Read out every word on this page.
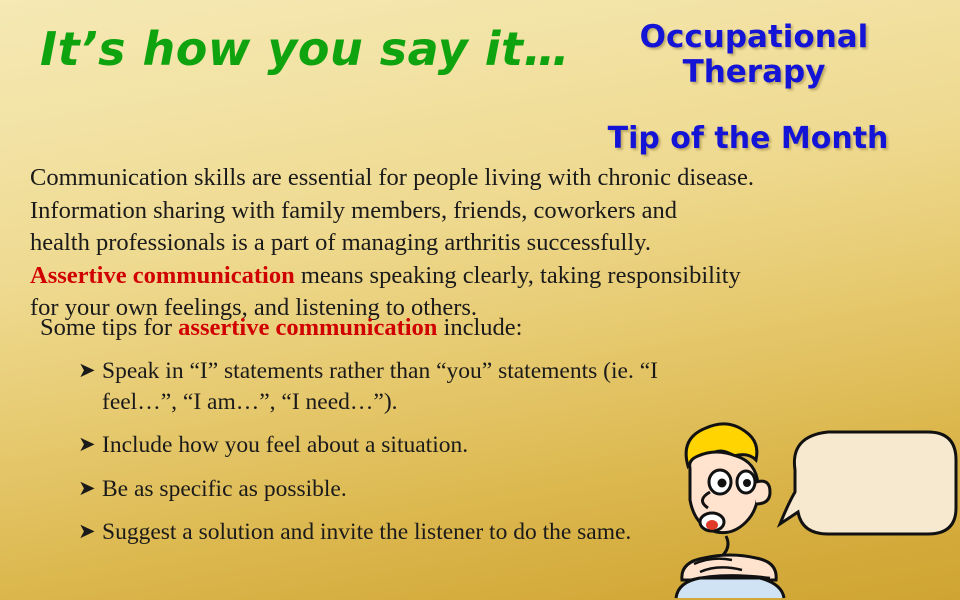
It’s how you say it…	Occupational Therapy
Tip of the Month

Communication skills are essential for people living with chronic disease.

Information sharing with family members, friends, coworkers and

health professionals is a part of managing arthritis successfully.

Assertive communication means speaking clearly, taking responsibility

for your own feelings, and listening to others.

Some tips for assertive communication include:
➤ Speak in “I” statements rather than “you” statements (ie. “I feel…”, “I am…”, “I need…”).
➤ Include how you feel about a situation.
➤ Be as specific as possible.
➤ Suggest a solution and invite the listener to do the same.
